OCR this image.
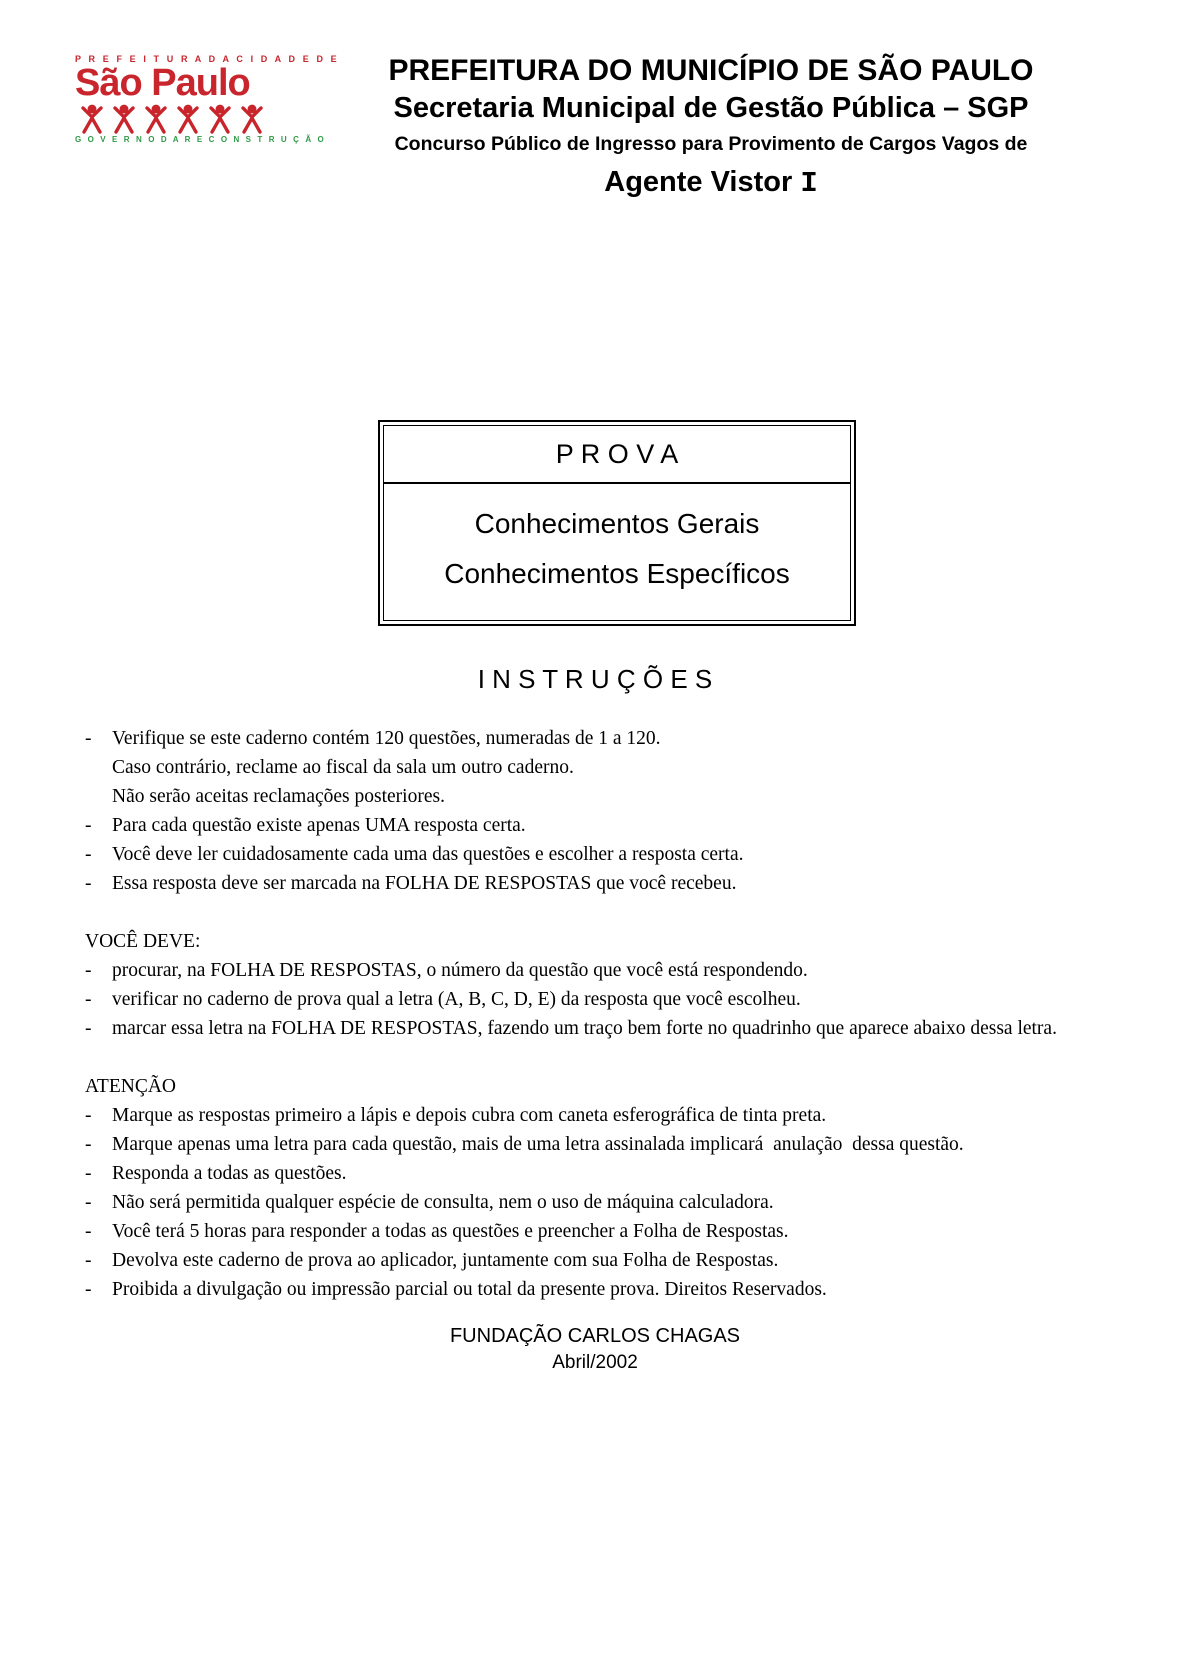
P R E F E I T U R A D A C I D A D E D E
São Paulo
G O V E R N O D A R E C O N S T R U Ç Ã O
PREFEITURA DO MUNICÍPIO DE SÃO PAULO
Secretaria Municipal de Gestão Pública – SGP
Concurso Público de Ingresso para Provimento de Cargos Vagos de
Agente Vistor I
P R O V A
Conhecimentos Gerais
Conhecimentos Específicos
I N S T R U Ç Õ E S
-	Verifique se este caderno contém 120 questões, numeradas de 1 a 120.
Caso contrário, reclame ao fiscal da sala um outro caderno.
Não serão aceitas reclamações posteriores.
-	Para cada questão existe apenas UMA resposta certa.
-	Você deve ler cuidadosamente cada uma das questões e escolher a resposta certa.
-	Essa resposta deve ser marcada na FOLHA DE RESPOSTAS que você recebeu.
VOCÊ DEVE:
-	procurar, na FOLHA DE RESPOSTAS, o número da questão que você está respondendo.
-	verificar no caderno de prova qual a letra (A, B, C, D, E) da resposta que você escolheu.
-	marcar essa letra na FOLHA DE RESPOSTAS, fazendo um traço bem forte no quadrinho que aparece abaixo dessa letra.
ATENÇÃO
-	Marque as respostas primeiro a lápis e depois cubra com caneta esferográfica de tinta preta.
-	Marque apenas uma letra para cada questão, mais de uma letra assinalada implicará  anulação  dessa questão.
-	Responda a todas as questões.
-	Não será permitida qualquer espécie de consulta, nem o uso de máquina calculadora.
-	Você terá 5 horas para responder a todas as questões e preencher a Folha de Respostas.
-	Devolva este caderno de prova ao aplicador, juntamente com sua Folha de Respostas.
-	Proibida a divulgação ou impressão parcial ou total da presente prova. Direitos Reservados.
FUNDAÇÃO CARLOS CHAGAS
Abril/2002
